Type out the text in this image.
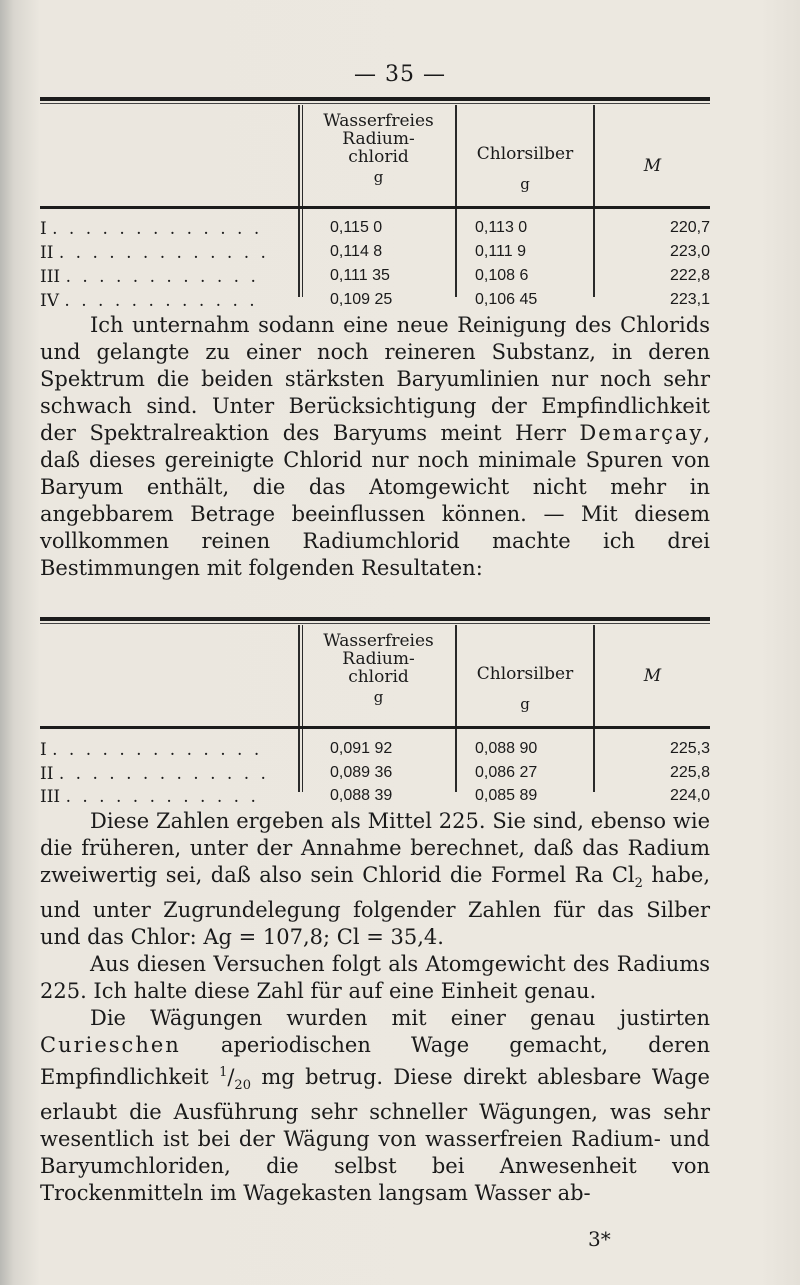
— 35 —
Wasserfreies
Radium-
chlorid
g
Chlorsilber
g
M
I . . . . . . . . . . . . .	0,115 0	0,113 0	220,7
II . . . . . . . . . . . . .	0,114 8	0,111 9	223,0
III . . . . . . . . . . . .	0,111 35	0,108 6	222,8
IV . . . . . . . . . . . .	0,109 25	0,106 45	223,1

Ich unternahm sodann eine neue Reinigung des Chlorids und gelangte zu einer noch reineren Substanz, in deren Spektrum die beiden stärksten Baryumlinien nur noch sehr schwach sind. Unter Berücksichtigung der Empfindlichkeit der Spektralreaktion des Baryums meint Herr Demarçay, daß dieses gereinigte Chlorid nur noch minimale Spuren von Baryum enthält, die das Atomgewicht nicht mehr in angebbarem Betrage beeinflussen können. — Mit diesem vollkommen reinen Radiumchlorid machte ich drei Bestimmungen mit folgenden Resultaten:

Wasserfreies
Radium-
chlorid
g
Chlorsilber
g
M
I . . . . . . . . . . . . .	0,091 92	0,088 90	225,3
II . . . . . . . . . . . . .	0,089 36	0,086 27	225,8
III . . . . . . . . . . . .	0,088 39	0,085 89	224,0

Diese Zahlen ergeben als Mittel 225. Sie sind, ebenso wie die früheren, unter der Annahme berechnet, daß das Radium zweiwertig sei, daß also sein Chlorid die Formel Ra $Cl_2$ habe, und unter Zugrundelegung folgender Zahlen für das Silber und das Chlor: Ag = 107,8; Cl = 35,4.

Aus diesen Versuchen folgt als Atomgewicht des Radiums 225. Ich halte diese Zahl für auf eine Einheit genau.

Die Wägungen wurden mit einer genau justirten Curieschen aperiodischen Wage gemacht, deren Empfindlichkeit $^1/_{20}$ mg betrug. Diese direkt ablesbare Wage erlaubt die Ausführung sehr schneller Wägungen, was sehr wesentlich ist bei der Wägung von wasserfreien Radium- und Baryumchloriden, die selbst bei Anwesenheit von Trockenmitteln im Wagekasten langsam Wasser ab-

3*
